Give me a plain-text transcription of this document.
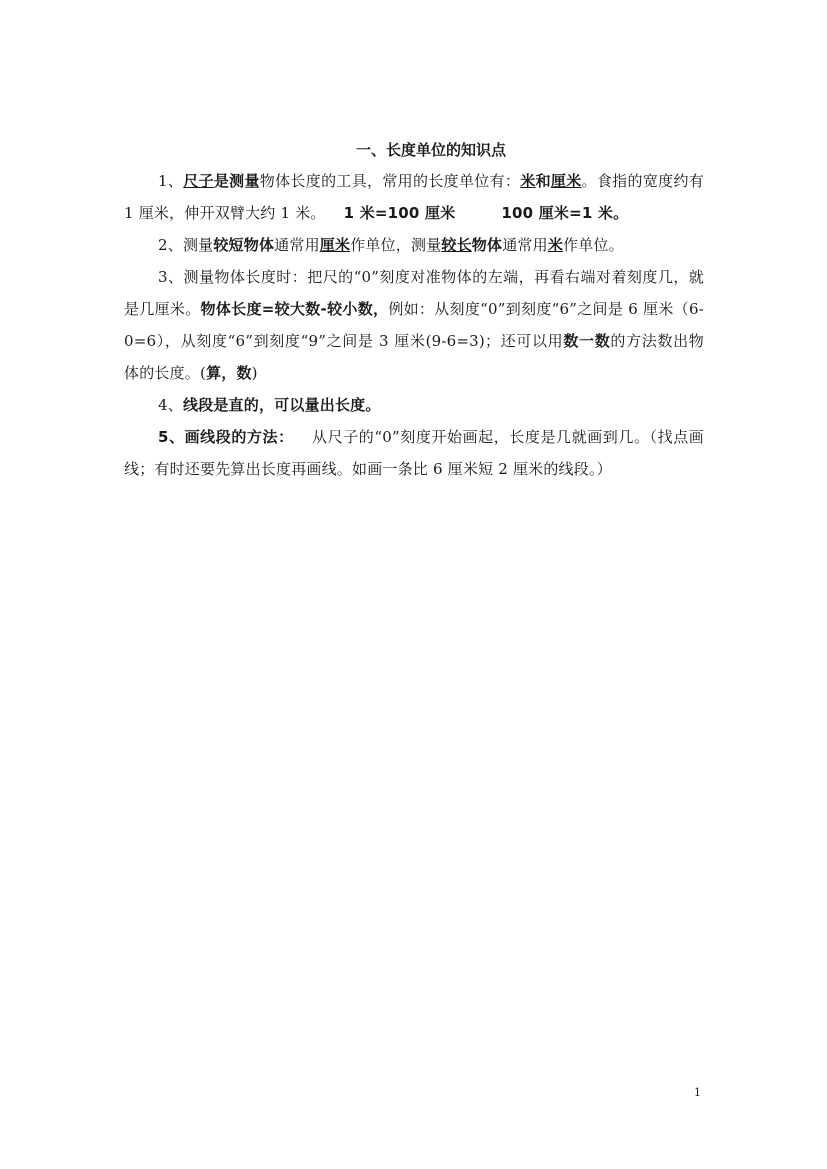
一、长度单位的知识点

1、尺子是测量物体长度的工具，常用的长度单位有：米和厘米。食指的宽度约有 1 厘米，伸开双臂大约 1 米。 1 米=100 厘米	100 厘米=1 米。

2、测量较短物体通常用厘米作单位，测量较长物体通常用米作单位。

3、测量物体长度时：把尺的“0”刻度对准物体的左端，再看右端对着刻度几，就是几厘米。物体长度=较大数-较小数，例如：从刻度“0”到刻度“6”之间是 6 厘米（6-0=6），从刻度“6”到刻度“9”之间是 3 厘米(9-6=3)；还可以用数一数的方法数出物体的长度。(算，数)

4、线段是直的，可以量出长度。

5、画线段的方法： 从尺子的“0”刻度开始画起，长度是几就画到几。（找点画线；有时还要先算出长度再画线。如画一条比 6 厘米短 2 厘米的线段。）

1
